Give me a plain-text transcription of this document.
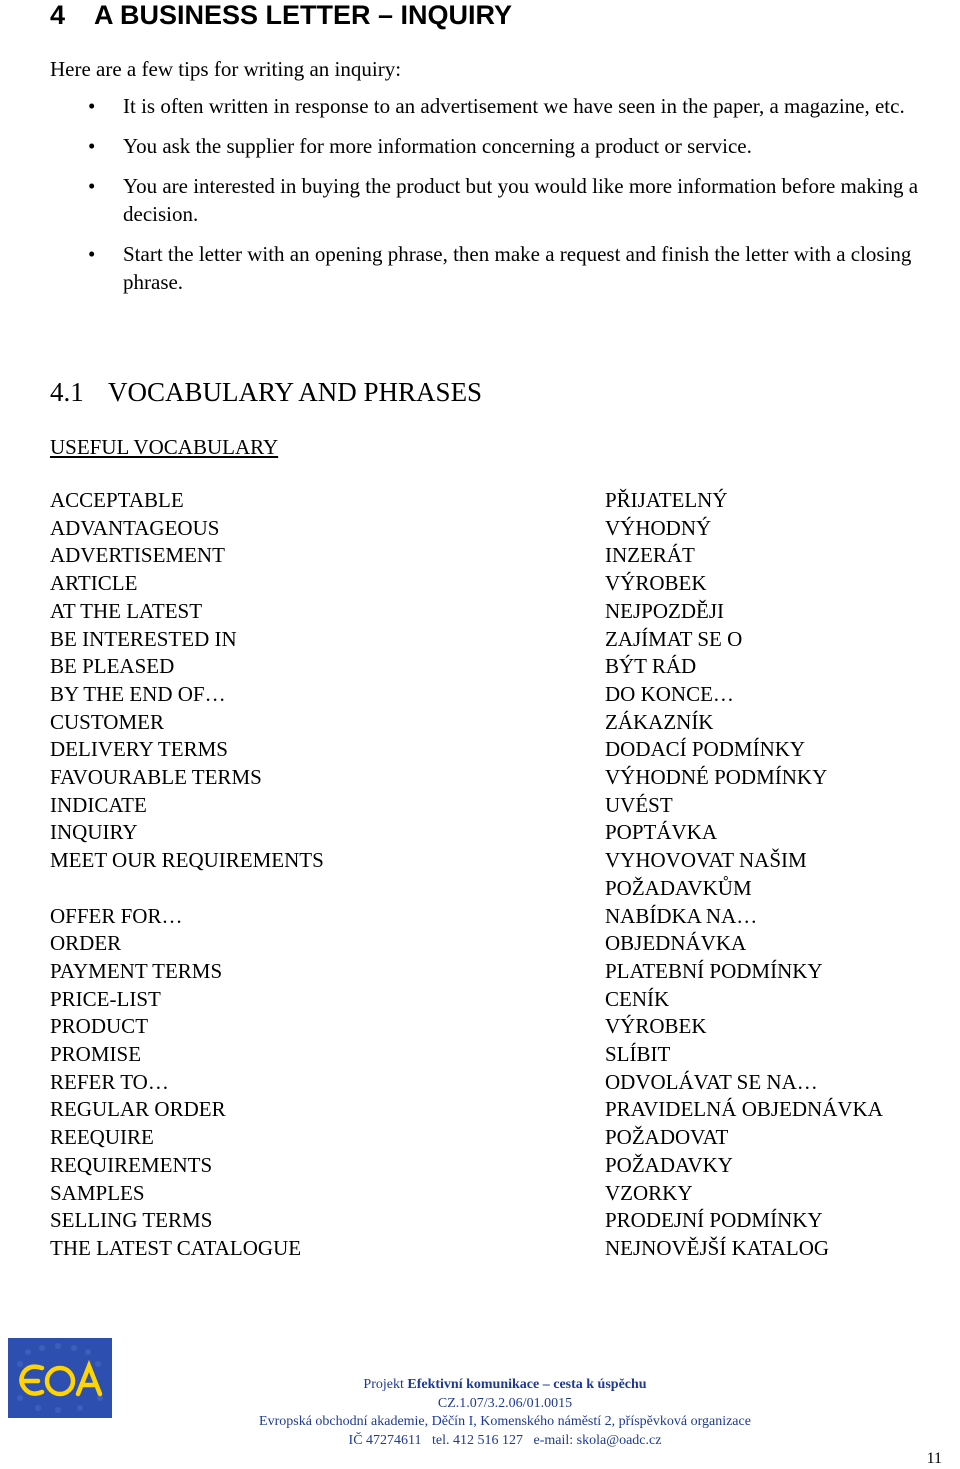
4 A BUSINESS LETTER – INQUIRY
Here are a few tips for writing an inquiry:
• It is often written in response to an advertisement we have seen in the paper, a magazine, etc.
• You ask the supplier for more information concerning a product or service.
• You are interested in buying the product but you would like more information before making a decision.
• Start the letter with an opening phrase, then make a request and finish the letter with a closing phrase.
4.1 VOCABULARY AND PHRASES
USEFUL VOCABULARY
ACCEPTABLE	PŘIJATELNÝ
ADVANTAGEOUS	VÝHODNÝ
ADVERTISEMENT	INZERÁT
ARTICLE	VÝROBEK
AT THE LATEST	NEJPOZDĚJI
BE INTERESTED IN	ZAJÍMAT SE O
BE PLEASED	BÝT RÁD
BY THE END OF…	DO KONCE…
CUSTOMER	ZÁKAZNÍK
DELIVERY TERMS	DODACÍ PODMÍNKY
FAVOURABLE TERMS	VÝHODNÉ PODMÍNKY
INDICATE	UVÉST
INQUIRY	POPTÁVKA
MEET OUR REQUIREMENTS	VYHOVOVAT NAŠIM

POŽADAVKŮM
OFFER FOR…	NABÍDKA NA…
ORDER	OBJEDNÁVKA
PAYMENT TERMS	PLATEBNÍ PODMÍNKY
PRICE-LIST	CENÍK
PRODUCT	VÝROBEK
PROMISE	SLÍBIT
REFER TO…	ODVOLÁVAT SE NA…
REGULAR ORDER	PRAVIDELNÁ OBJEDNÁVKA
REEQUIRE	POŽADOVAT
REQUIREMENTS	POŽADAVKY
SAMPLES	VZORKY
SELLING TERMS	PRODEJNÍ PODMÍNKY
THE LATEST CATALOGUE	NEJNOVĚJŠÍ KATALOG
Projekt Efektivní komunikace – cesta k úspěchu
CZ.1.07/3.2.06/01.0015
Evropská obchodní akademie, Děčín I, Komenského náměstí 2, příspěvková organizace
IČ 47274611   tel. 412 516 127   e-mail: skola@oadc.cz
11
